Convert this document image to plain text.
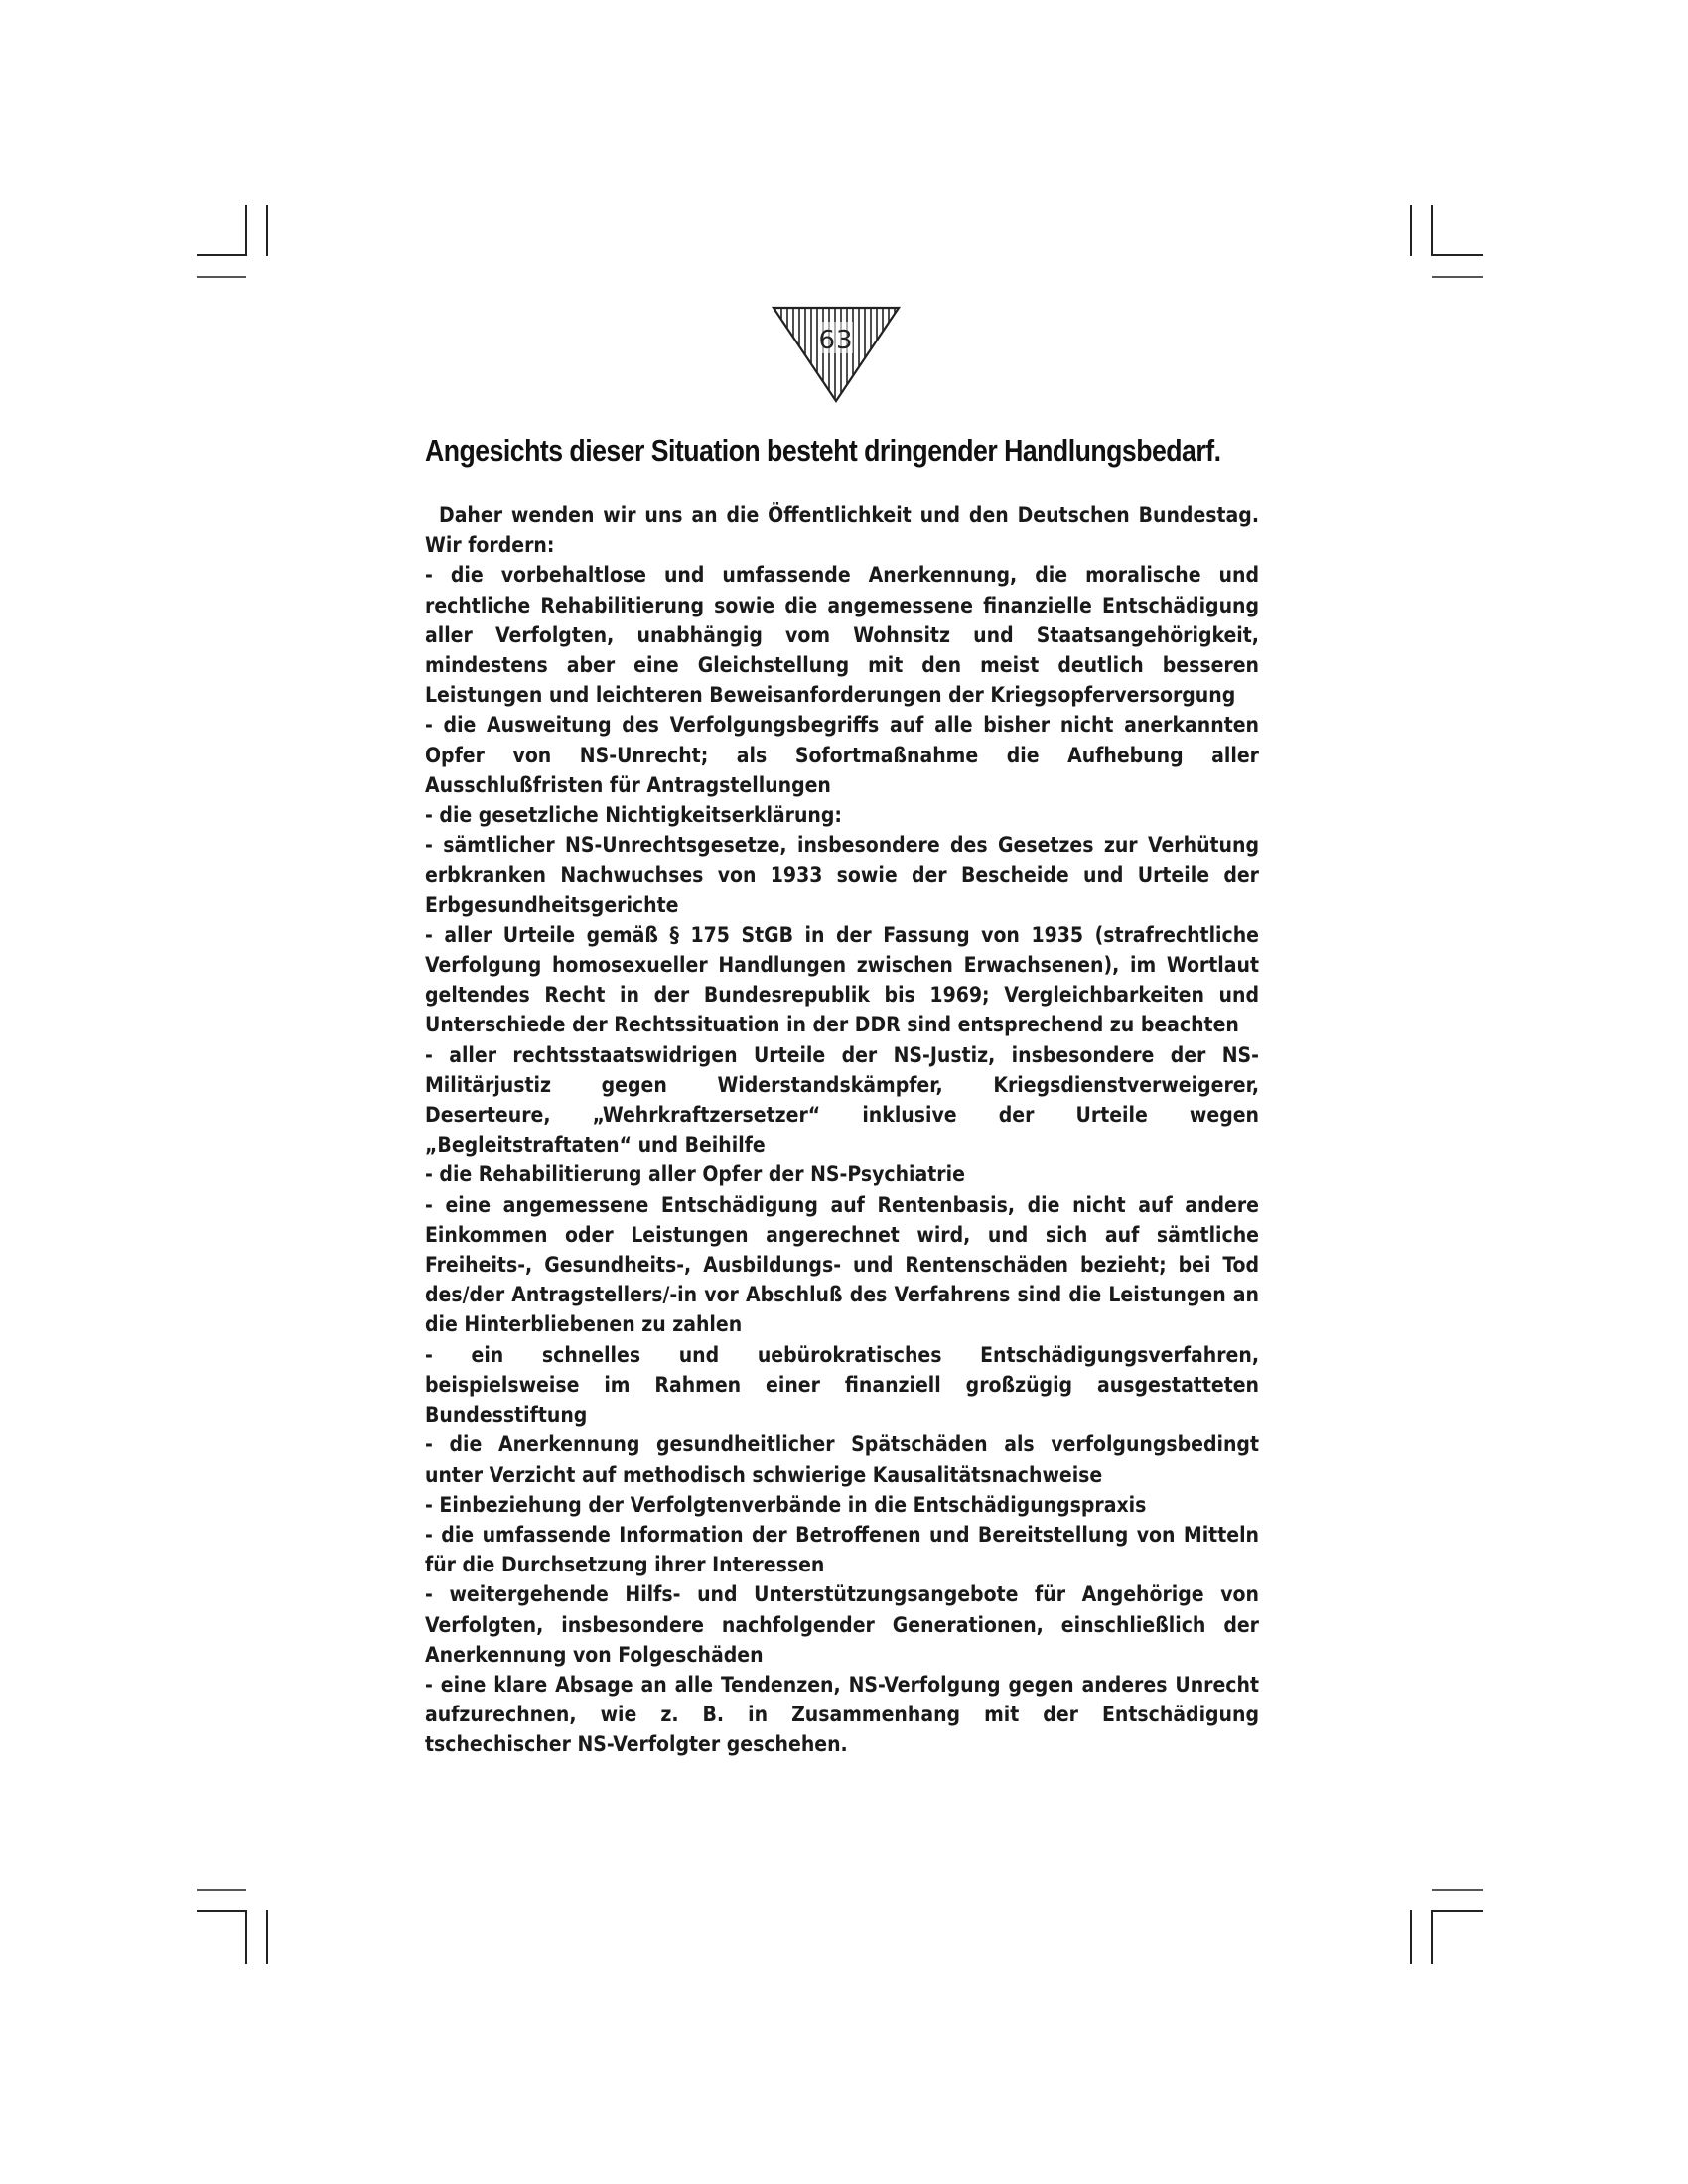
63
Angesichts dieser Situation besteht dringender Handlungsbedarf.

Daher wenden wir uns an die Öffentlichkeit und den Deutschen Bundestag. Wir fordern:

- die vorbehaltlose und umfassende Anerkennung, die moralische und rechtliche Rehabilitierung sowie die angemessene finanzielle Entschädigung aller Verfolgten, unabhängig vom Wohnsitz und Staatsangehörigkeit, mindestens aber eine Gleichstellung mit den meist deutlich besseren Leistungen und leichteren Beweisanforderungen der Kriegsopferversorgung

- die Ausweitung des Verfolgungsbegriffs auf alle bisher nicht anerkannten Opfer von NS-Unrecht; als Sofortmaßnahme die Aufhebung aller Ausschlußfristen für Antragstellungen

- die gesetzliche Nichtigkeitserklärung:

- sämtlicher NS-Unrechtsgesetze, insbesondere des Gesetzes zur Verhütung erbkranken Nachwuchses von 1933 sowie der Bescheide und Urteile der Erbgesundheitsgerichte

- aller Urteile gemäß § 175 StGB in der Fassung von 1935 (strafrechtliche Verfolgung homosexueller Handlungen zwischen Erwachsenen), im Wortlaut geltendes Recht in der Bundesrepublik bis 1969; Vergleichbarkeiten und Unterschiede der Rechtssituation in der DDR sind entsprechend zu beachten

- aller rechtsstaatswidrigen Urteile der NS-Justiz, insbesondere der NS-Militärjustiz gegen Widerstandskämpfer, Kriegsdienstverweigerer, Deserteure, „Wehrkraftzersetzer“ inklusive der Urteile wegen „Begleitstraftaten“ und Beihilfe

- die Rehabilitierung aller Opfer der NS-Psychiatrie

- eine angemessene Entschädigung auf Rentenbasis, die nicht auf andere Einkommen oder Leistungen angerechnet wird, und sich auf sämtliche Freiheits-, Gesundheits-, Ausbildungs- und Rentenschäden bezieht; bei Tod des/der Antragstellers/-in vor Abschluß des Verfahrens sind die Leistungen an die Hinterbliebenen zu zahlen

- ein schnelles und uebürokratisches Entschädigungsverfahren, beispielsweise im Rahmen einer finanziell großzügig ausgestatteten Bundesstiftung

- die Anerkennung gesundheitlicher Spätschäden als verfolgungsbedingt unter Verzicht auf methodisch schwierige Kausalitätsnachweise

- Einbeziehung der Verfolgtenverbände in die Entschädigungspraxis

- die umfassende Information der Betroffenen und Bereitstellung von Mitteln für die Durchsetzung ihrer Interessen

- weitergehende Hilfs- und Unterstützungsangebote für Angehörige von Verfolgten, insbesondere nachfolgender Generationen, einschließlich der Anerkennung von Folgeschäden

- eine klare Absage an alle Tendenzen, NS-Verfolgung gegen anderes Unrecht aufzurechnen, wie z. B. in Zusammenhang mit der Entschädigung tschechischer NS-Verfolgter geschehen.
